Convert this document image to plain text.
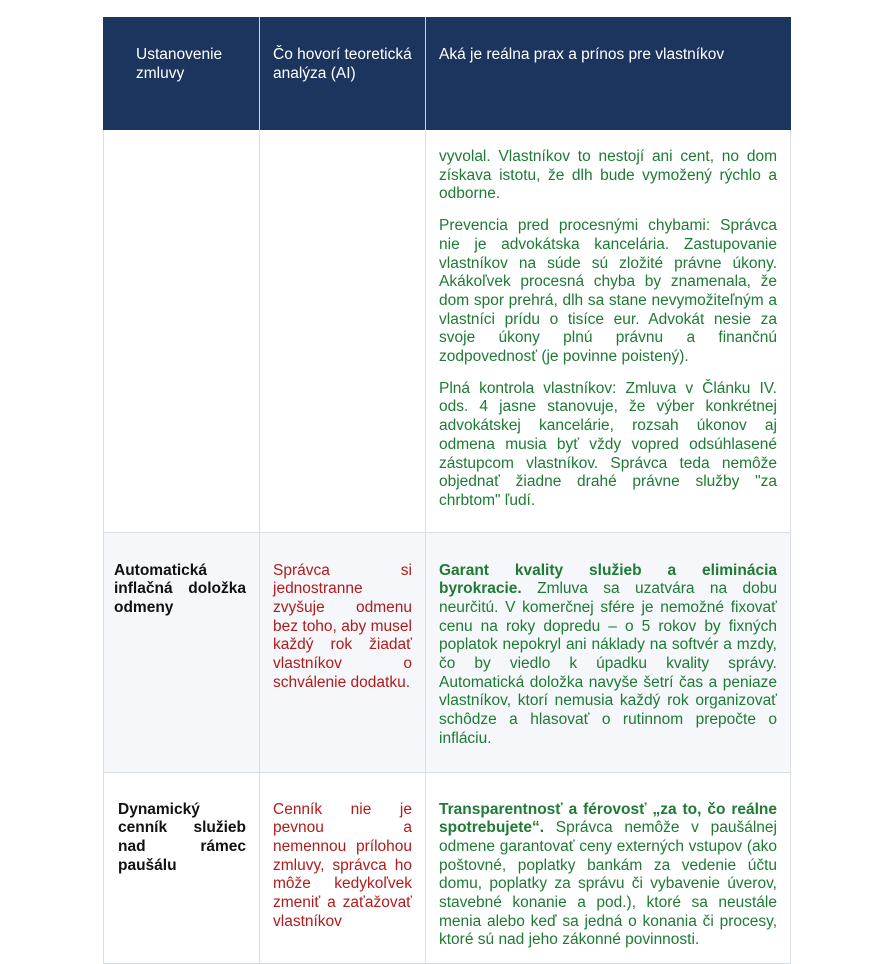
Ustanovenie zmluvy	Čo hovorí teoretická analýza (AI)	Aká je reálna prax a prínos pre vlastníkov

		vyvolal. Vlastníkov to nestojí ani cent, no dom získava istotu, že dlh bude vymožený rýchlo a odborne.

Prevencia pred procesnými chybami: Správca nie je advokátska kancelária. Zastupovanie vlastníkov na súde sú zložité právne úkony. Akákoľvek procesná chyba by znamenala, že dom spor prehrá, dlh sa stane nevymožiteľným a vlastníci prídu o tisíce eur. Advokát nesie za svoje úkony plnú právnu a finančnú zodpovednosť (je povinne poistený).

Plná kontrola vlastníkov: Zmluva v Článku IV. ods. 4 jasne stanovuje, že výber konkrétnej advokátskej kancelárie, rozsah úkonov aj odmena musia byť vždy vopred odsúhlasené zástupcom vlastníkov. Správca teda nemôže objednať žiadne drahé právne služby "za chrbtom" ľudí.

Automatická inflačná doložka odmeny	Správca si jednostranne zvyšuje odmenu bez toho, aby musel každý rok žiadať vlastníkov o schválenie dodatku.	Garant kvality služieb a eliminácia byrokracie. Zmluva sa uzatvára na dobu neurčitú. V komerčnej sfére je nemožné fixovať cenu na roky dopredu – o 5 rokov by fixných poplatok nepokryl ani náklady na softvér a mzdy, čo by viedlo k úpadku kvality správy. Automatická doložka navyše šetrí čas a peniaze vlastníkov, ktorí nemusia každý rok organizovať schôdze a hlasovať o rutinnom prepočte o infláciu.

Dynamický cenník služieb nad rámec paušálu	Cenník nie je pevnou a nemennou prílohou zmluvy, správca ho môže kedykoľvek zmeniť a zaťažovať vlastníkov	Transparentnosť a férovosť „za to, čo reálne spotrebujete“. Správca nemôže v paušálnej odmene garantovať ceny externých vstupov (ako poštovné, poplatky bankám za vedenie účtu domu, poplatky za správu či vybavenie úverov, stavebné konanie a pod.), ktoré sa neustále menia alebo keď sa jedná o konania či procesy, ktoré sú nad jeho zákonné povinnosti.
